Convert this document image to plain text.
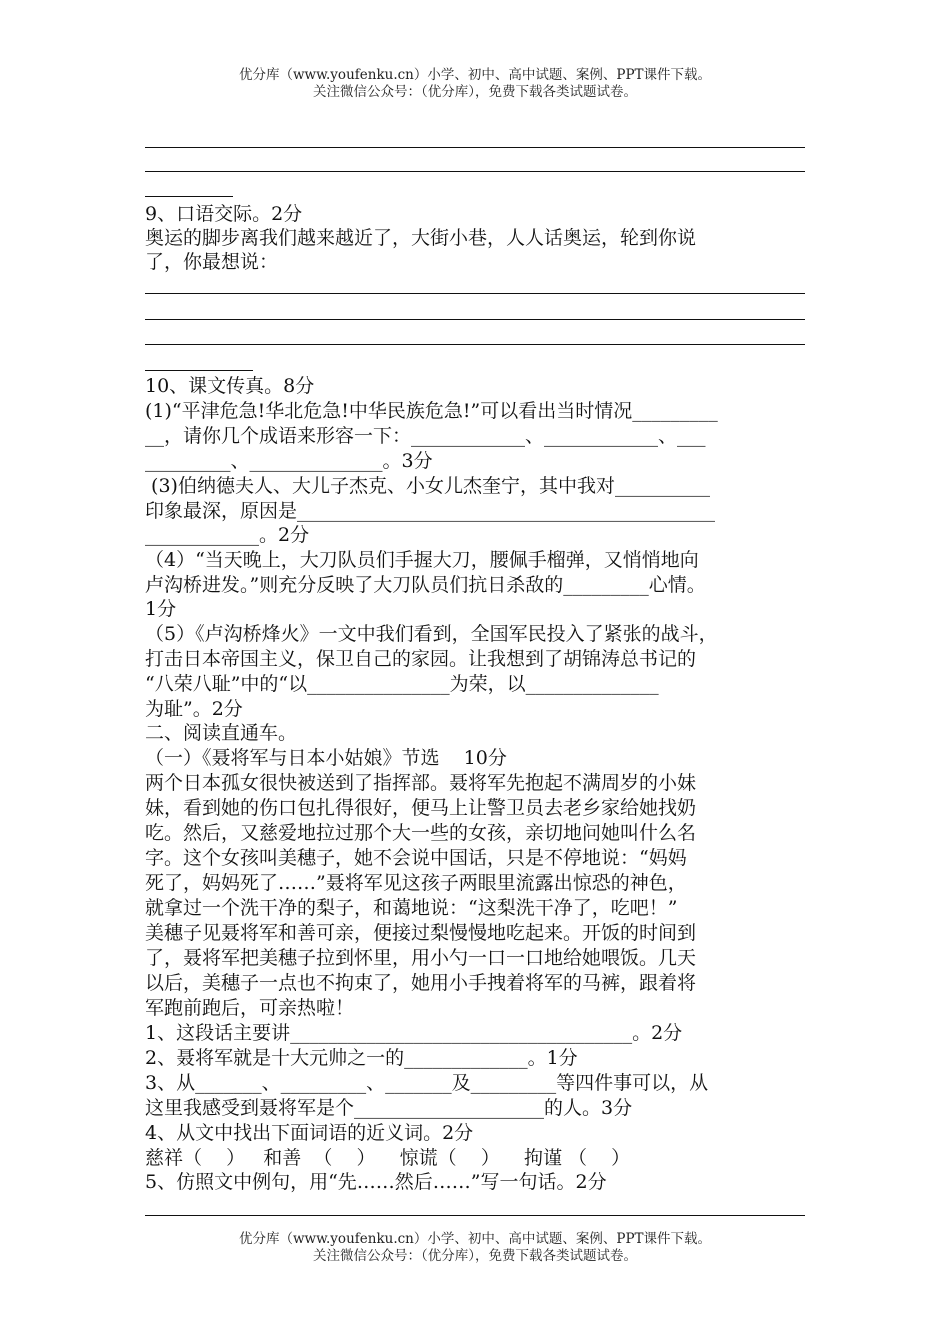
优分库（www.youfenku.cn）小学、初中、高中试题、案例、PPT课件下载。
关注微信公众号：（优分库），免费下载各类试题试卷。
9、口语交际。2分
奥运的脚步离我们越来越近了，大街小巷，人人话奥运，轮到你说
了，你最想说：
10、课文传真。8分
(1)“平津危急!华北危急!中华民族危急!”可以看出当时情况_________
__，请你几个成语来形容一下：____________、____________、___
_________、______________。3分
(3)伯纳德夫人、大儿子杰克、小女儿杰奎宁，其中我对__________
印象最深，原因是____________________________________________
____________。2分
（4）“当天晚上，大刀队员们手握大刀，腰佩手榴弹，又悄悄地向
卢沟桥进发。”则充分反映了大刀队员们抗日杀敌的_________心情。
1分
（5）《卢沟桥烽火》一文中我们看到，全国军民投入了紧张的战斗，
打击日本帝国主义，保卫自己的家园。让我想到了胡锦涛总书记的
“八荣八耻”中的“以_______________为荣，以______________
为耻”。2分
二、阅读直通车。
（一）《聂将军与日本小姑娘》节选    10分
两个日本孤女很快被送到了指挥部。聂将军先抱起不满周岁的小妹
妹，看到她的伤口包扎得很好，便马上让警卫员去老乡家给她找奶
吃。然后，又慈爱地拉过那个大一些的女孩，亲切地问她叫什么名
字。这个女孩叫美穗子，她不会说中国话，只是不停地说：“妈妈
死了，妈妈死了……”聂将军见这孩子两眼里流露出惊恐的神色，
就拿过一个洗干净的梨子，和蔼地说：“这梨洗干净了，吃吧！”
美穗子见聂将军和善可亲，便接过梨慢慢地吃起来。开饭的时间到
了，聂将军把美穗子拉到怀里，用小勺一口一口地给她喂饭。几天
以后，美穗子一点也不拘束了，她用小手拽着将军的马裤，跟着将
军跑前跑后，可亲热啦！
1、这段话主要讲____________________________________。2分
2、聂将军就是十大元帅之一的_____________。1分
3、从_______、_________、_______及_________等四件事可以，从
这里我感受到聂将军是个____________________的人。3分
4、从文中找出下面词语的近义词。2分
慈祥（    ）   和善  （    ）    惊谎（    ）    拘谨 （    ）
5、仿照文中例句，用“先……然后……”写一句话。2分
优分库（www.youfenku.cn）小学、初中、高中试题、案例、PPT课件下载。
关注微信公众号：（优分库），免费下载各类试题试卷。
